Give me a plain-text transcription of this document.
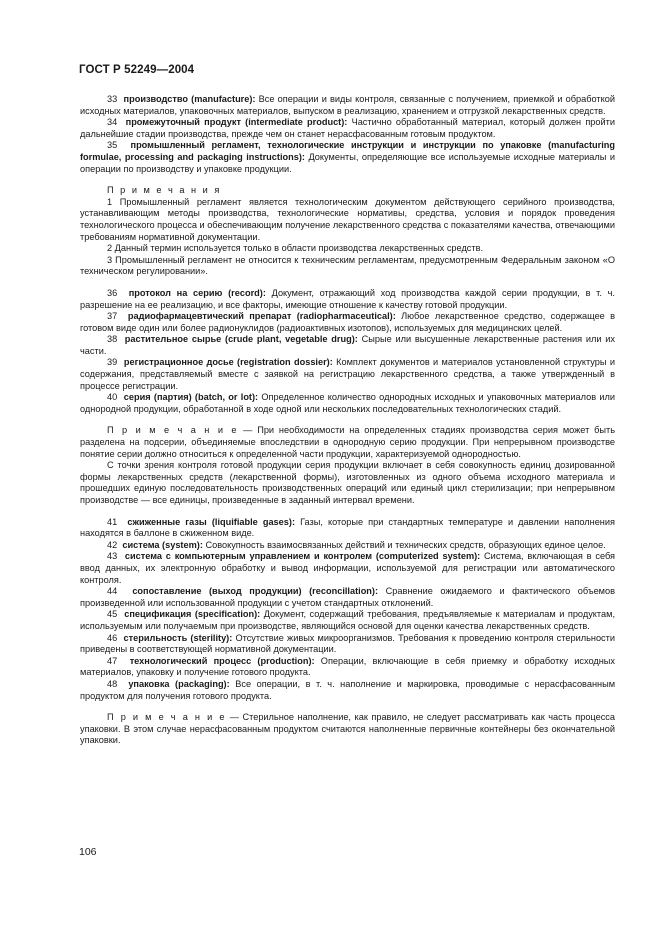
ГОСТ Р 52249—2004

33 производство (manufacture): Все операции и виды контроля, связанные с получением, приемкой и обработкой исходных материалов, упаковочных материалов, выпуском в реализацию, хранением и отгрузкой лекарственных средств.

34 промежуточный продукт (intermediate product): Частично обработанный материал, который должен пройти дальнейшие стадии производства, прежде чем он станет нерасфасованным готовым продуктом.

35 промышленный регламент, технологические инструкции и инструкции по упаковке (manufacturing formulae, processing and packaging instructions): Документы, определяющие все используемые исходные материалы и операции по производству и упаковке продукции.

П р и м е ч а н и я

1 Промышленный регламент является технологическим документом действующего серийного производства, устанавливающим методы производства, технологические нормативы, средства, условия и порядок проведения технологического процесса и обеспечивающим получение лекарственного средства с показателями качества, отвечающими требованиям нормативной документации.

2 Данный термин используется только в области производства лекарственных средств.

3 Промышленный регламент не относится к техническим регламентам, предусмотренным Федеральным законом «О техническом регулировании».

36 протокол на серию (record): Документ, отражающий ход производства каждой серии продукции, в т. ч. разрешение на ее реализацию, и все факторы, имеющие отношение к качеству готовой продукции.

37 радиофармацевтический препарат (radiopharmaceutical): Любое лекарственное средство, содержащее в готовом виде один или более радионуклидов (радиоактивных изотопов), используемых для медицинских целей.

38 растительное сырье (crude plant, vegetable drug): Сырые или высушенные лекарственные растения или их части.

39 регистрационное досье (registration dossier): Комплект документов и материалов установленной структуры и содержания, представляемый вместе с заявкой на регистрацию лекарственного средства, а также утвержденный в процессе регистрации.

40 серия (партия) (batch, or lot): Определенное количество однородных исходных и упаковочных материалов или однородной продукции, обработанной в ходе одной или нескольких последовательных технологических стадий.

П р и м е ч а н и е — При необходимости на определенных стадиях производства серия может быть разделена на подсерии, объединяемые впоследствии в однородную серию продукции. При непрерывном производстве понятие серии должно относиться к определенной части продукции, характеризуемой однородностью.

С точки зрения контроля готовой продукции серия продукции включает в себя совокупность единиц дозированной формы лекарственных средств (лекарственной формы), изготовленных из одного объема исходного материала и прошедших единую последовательность производственных операций или единый цикл стерилизации; при непрерывном производстве — все единицы, произведенные в заданный интервал времени.

41 сжиженные газы (liquifiable gases): Газы, которые при стандартных температуре и давлении наполнения находятся в баллоне в сжиженном виде.

42 система (system): Совокупность взаимосвязанных действий и технических средств, образующих единое целое.

43 система с компьютерным управлением и контролем (computerized system): Система, включающая в себя ввод данных, их электронную обработку и вывод информации, используемой для регистрации или автоматического контроля.

44 сопоставление (выход продукции) (reconcillation): Сравнение ожидаемого и фактического объемов произведенной или использованной продукции с учетом стандартных отклонений.

45 спецификация (specification): Документ, содержащий требования, предъявляемые к материалам и продуктам, используемым или получаемым при производстве, являющийся основой для оценки качества лекарственных средств.

46 стерильность (sterility): Отсутствие живых микроорганизмов. Требования к проведению контроля стерильности приведены в соответствующей нормативной документации.

47 технологический процесс (production): Операции, включающие в себя приемку и обработку исходных материалов, упаковку и получение готового продукта.

48 упаковка (packaging): Все операции, в т. ч. наполнение и маркировка, проводимые с нерасфасованным продуктом для получения готового продукта.

П р и м е ч а н и е — Стерильное наполнение, как правило, не следует рассматривать как часть процесса упаковки. В этом случае нерасфасованным продуктом считаются наполненные первичные контейнеры без окончательной упаковки.

106
